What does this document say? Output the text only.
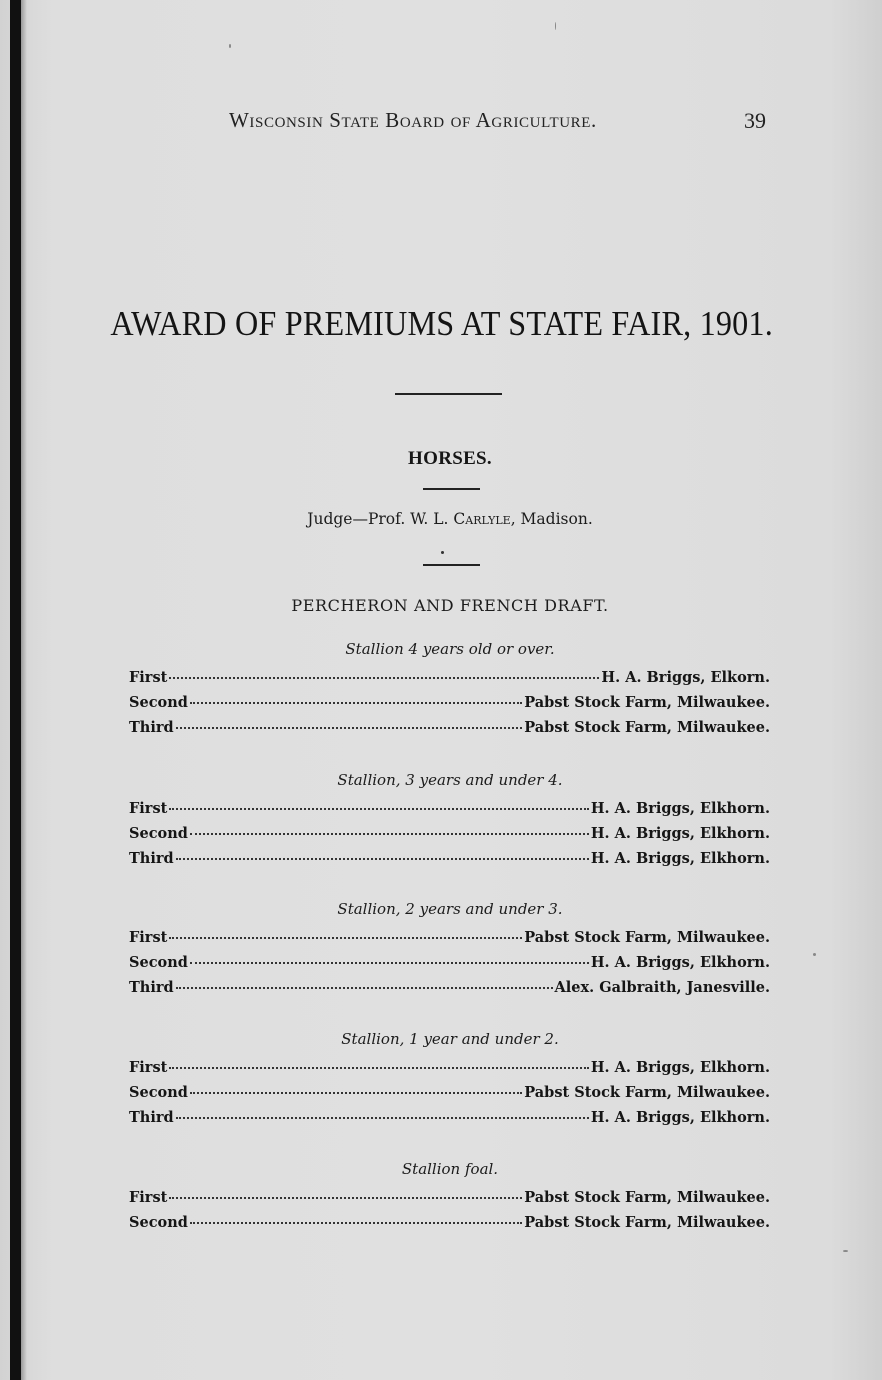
Wisconsin State Board of Agriculture.	39
AWARD OF PREMIUMS AT STATE FAIR, 1901.
HORSES.
Judge—Prof. W. L. Carlyle, Madison.
PERCHERON AND FRENCH DRAFT.
Stallion 4 years old or over.
First	H. A. Briggs, Elkorn.
Second	Pabst Stock Farm, Milwaukee.
Third	Pabst Stock Farm, Milwaukee.
Stallion, 3 years and under 4.
First	H. A. Briggs, Elkhorn.
Second	H. A. Briggs, Elkhorn.
Third	H. A. Briggs, Elkhorn.
Stallion, 2 years and under 3.
First	Pabst Stock Farm, Milwaukee.
Second	H. A. Briggs, Elkhorn.
Third	Alex. Galbraith, Janesville.
Stallion, 1 year and under 2.
First	H. A. Briggs, Elkhorn.
Second	Pabst Stock Farm, Milwaukee.
Third	H. A. Briggs, Elkhorn.
Stallion foal.
First	Pabst Stock Farm, Milwaukee.
Second	Pabst Stock Farm, Milwaukee.
